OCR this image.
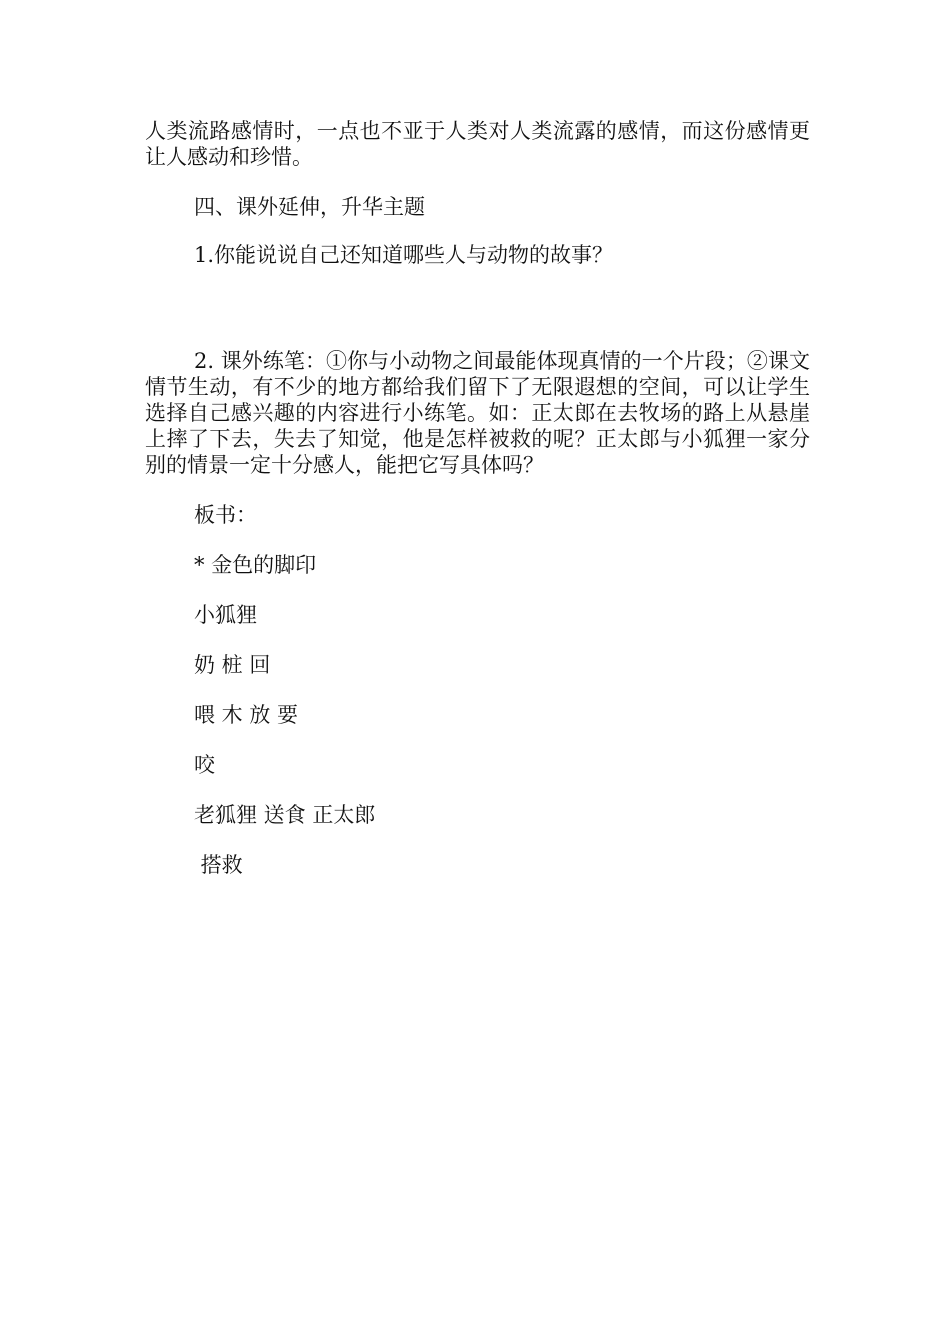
人类流路感情时，一点也不亚于人类对人类流露的感情，而这份感情更让人感动和珍惜。

四、课外延伸，升华主题

1.你能说说自己还知道哪些人与动物的故事？

2. 课外练笔：①你与小动物之间最能体现真情的一个片段；②课文情节生动，有不少的地方都给我们留下了无限遐想的空间，可以让学生选择自己感兴趣的内容进行小练笔。如：正太郎在去牧场的路上从悬崖上摔了下去，失去了知觉，他是怎样被救的呢？正太郎与小狐狸一家分别的情景一定十分感人，能把它写具体吗？

板书：

* 金色的脚印

小狐狸

奶 桩 回

喂 木 放 要

咬

老狐狸 送食 正太郎

搭救
